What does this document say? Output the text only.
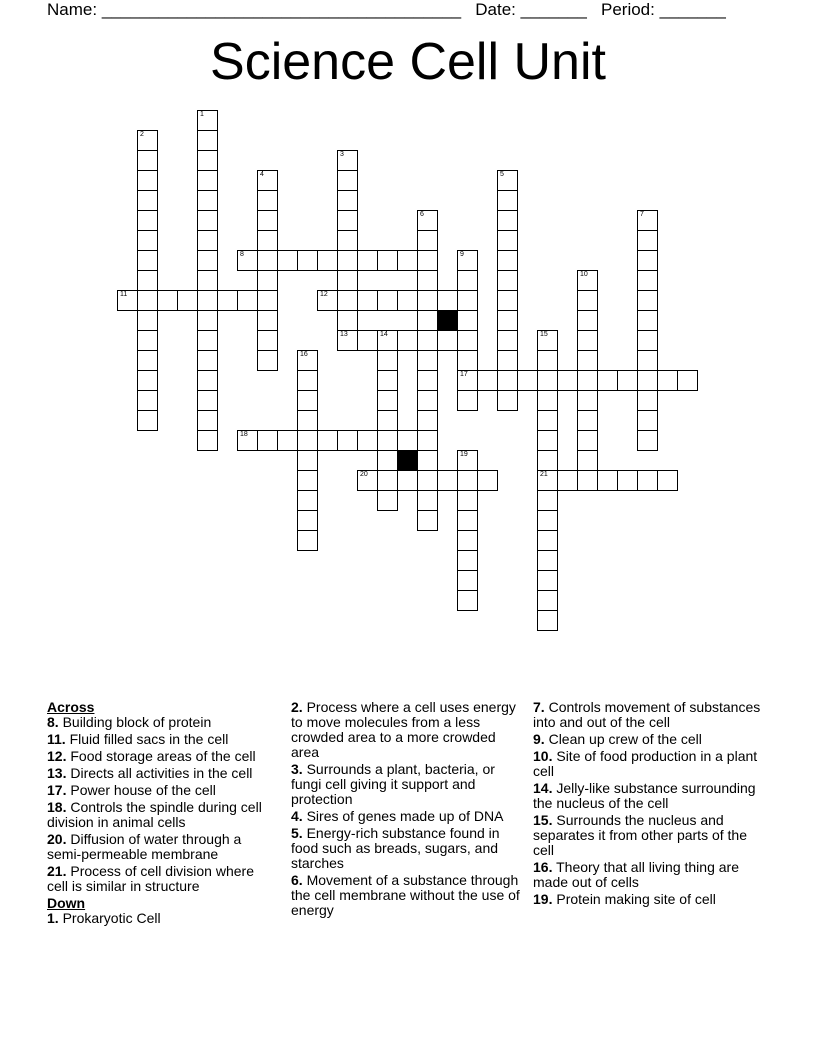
Name: ______________________________________ Date: _______ Period: _______
Science Cell Unit
1
2
3
13
4	5
6	7
8	9
17
10
11	12
14	15
21
16
18
19
20
Across
8. Building block of protein
11. Fluid filled sacs in the cell
12. Food storage areas of the cell
13. Directs all activities in the cell
17. Power house of the cell
18. Controls the spindle during cell division in animal cells
20. Diffusion of water through a semi-permeable membrane
21. Process of cell division where cell is similar in structure
Down
1. Prokaryotic Cell
2. Process where a cell uses energy to move molecules from a less crowded area to a more crowded area
3. Surrounds a plant, bacteria, or fungi cell giving it support and protection
4. Sires of genes made up of DNA
5. Energy-rich substance found in food such as breads, sugars, and starches
6. Movement of a substance through the cell membrane without the use of energy
7. Controls movement of substances into and out of the cell
9. Clean up crew of the cell
10. Site of food production in a plant cell
14. Jelly-like substance surrounding the nucleus of the cell
15. Surrounds the nucleus and separates it from other parts of the cell
16. Theory that all living thing are made out of cells
19. Protein making site of cell
